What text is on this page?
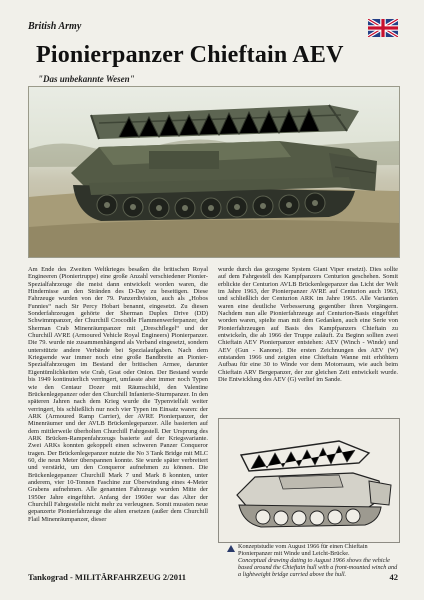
British Army
Pionierpanzer Chieftain AEV
"Das unbekannte Wesen"

Am Ende des Zweiten Weltkrieges besaßen die britischen Royal Engineeren (Pioniertruppe) eine große Anzahl verschiedener Pionier-Spezialfahrzeuge die meist dann entwickelt worden waren, die Hindernisse an den Stränden des D-Day zu beseitigen. Diese Fahrzeuge wurden von der 79. Panzerdivision, auch als „Hobos Funnies“ nach Sir Percy Hobart benannt, eingesetzt. Zu diesen Sonderfahrzeugen gehörte der Sherman Duplex Drive (DD) Schwimmpanzer, der Churchill Crocodile Flammenwerferpanzer, der Sherman Crab Minenräumpanzer mit „Dreschflegel“ und der Churchill AVRE (Armoured Vehicle Royal Engineers) Pionierpanzer. Die 79. wurde nie zusammenhängend als Verband eingesetzt, sondern unterstützte andere Verbände bei Spezialaufgaben. Nach dem Kriegsende war immer noch eine große Bandbreite an Pionier-Spezialfahrzeugen im Bestand der britischen Armee, darunter Eigentümlichkeiten wie Crab, Goat oder Onion. Der Bestand wurde bis 1949 kontinuierlich verringert, umfasste aber immer noch Typen wie den Centaur Dozer mit Räumschild, den Valentine Brückenlegepanzer oder den Churchill Infanterie-Sturmpanzer. In den späteren Jahren nach dem Krieg wurde die Typenvielfalt weiter verringert, bis schließlich nur noch vier Typen im Einsatz waren: der ARK (Armoured Ramp Carrier), der AVRE Pionierpanzer, der Minenräumer und der AVLB Brückenlegepanzer. Alle basierten auf dem mittlerweile überholten Churchill Fahrgestell. Der Ursprung des ARK Brücken-Rampenfahrzeugs basierte auf der Kriegsvariante. Zwei ARKs konnten gekoppelt einen schweren Panzer Conqueror tragen. Der Brückenlegepanzer nutzte die No 3 Tank Bridge mit MLC 60, die neun Meter überspannen konnte. Sie wurde später verbreitert und verstärkt, um den Conqueror aufnehmen zu können. Die Brückenlegepanzer Churchill Mark 7 und Mark 8 konnten, unter anderem, vier 10-Tonnen Faschine zur Überwindung eines 4-Meter Grabens aufnehmen. Alle genannten Fahrzeuge wurden Mitte der 1950er Jahre eingeführt. Anfang der 1960er war das Alter der Churchill Fahrgestelle nicht mehr zu verleugnen. Somit mussten neue gepanzerte Pionierfahrzeuge die alten ersetzen (außer dem Churchill Flail Minenräumpanzer, dieser

wurde durch das gezogene System Giant Viper ersetzt). Dies sollte auf dem Fahrgestell des Kampfpanzers Centurion geschehen. Somit erblickte der Centurion AVLB Brückenlegepanzer das Licht der Welt im Jahre 1963, der Pionierpanzer AVRE auf Centurion auch 1963, und schließlich der Centurion ARK im Jahre 1965. Alle Varianten waren eine deutliche Verbesserung gegenüber ihren Vorgängern. Nachdem nun alle Pionierfahrzeuge auf Centurion-Basis eingeführt worden waren, spielte man mit dem Gedanken, auch eine Serie von Pionierfahrzeugen auf Basis des Kampfpanzers Chieftain zu entwickeln, die ab 1966 der Truppe zuläuft. Zu Beginn sollten zwei Chieftain AEV Pionierpanzer entstehen: AEV (Winch - Winde) und AEV (Gun - Kanone). Die ersten Zeichnungen des AEV (W) entstanden 1966 und zeigten eine Chieftain Wanne mit erhöhtem Aufbau für eine 30 to Winde vor dem Motorraum, wie auch beim Chieftain ARV Bergepanzer, der zur gleichen Zeit entwickelt wurde. Die Entwicklung des AEV (G) verlief im Sande.

Konzeptstudie vom August 1966 für einen Chieftain Pionierpanzer mit Winde und Leicht-Brücke.
Conceptual drawing dating to August 1966 shows the vehicle based around the Chieftain hull with a front-mounted winch and a lightweight bridge carried above the hull.
Tankograd - MILITÄRFAHRZEUG 2/2011	42
